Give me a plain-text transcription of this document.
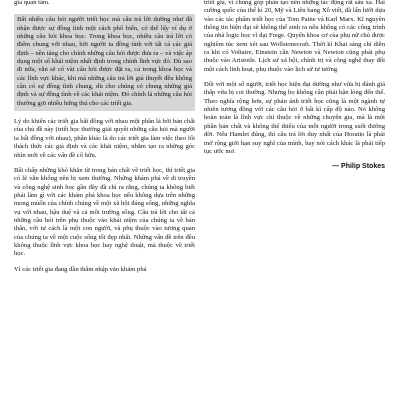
gia quan tâm.

Bất nhiều câu hỏi người triết học mà câu trả lời dường như đã nhận được sự đồng tình một cách phổ biến, có thể lấy ví dụ ở những câu hỏi khoa học. Trong khoa học, nhiều câu trả lời có điểm chung với nhau, bởi người ta đồng tình với tất cả các giả định – nền tảng cho chính những câu hỏi được đưa ra – và việc áp dụng một số khái niệm nhất định trong chính lĩnh vực đó. Dù sao đi nữa, vẫn sẽ có vài câu hỏi được đặt ra, cả trong khoa học và các lĩnh vực khác, khi mà những câu trả lời giả thuyết đều không cần có sự đồng tình chung, dù cho chúng có chung những giả định và sự đồng tình về các khái niệm. Đó chính là những câu hỏi thường gợi nhiều hứng thú cho các triết gia.

Lý do khiến các triết gia bất đồng với nhau một phần là bởi bản chất của chủ đề này (triết học thường giải quyết những câu hỏi mà người ta bất đồng với nhau), phần khác là do các triết gia làm việc theo lối thách thức các giả định và các khái niệm, nhằm tạo ra những góc nhìn mới về các vấn đề cố hữu.

Bất chấp những khó khăn từ trong bản chất về triết học, thì triết gia có lẽ vẫn không nên bị xem thường. Những khám phá về di truyền và công nghệ sinh học gần đây đã chỉ ra rằng, chúng ta không biết phải làm gì với các khám phá khoa học nếu không dựa trên những mong muốn của chính chúng về một xã hội đáng sống, những nghĩa vụ với nhau, hậu duệ và cả môi trường sống. Câu trả lời cho tất cả những câu hỏi trên phụ thuộc vào khái niệm của chúng ta về bản thân, với tư cách là một con người, và phụ thuộc vào tương quan của chúng ta về một cuộc sống tốt đẹp nhất. Những vấn đề trên đều không thuộc lĩnh vực khoa học hay nghệ thuật, mà thuộc về triết học.

Vì các triết gia đang dần thâm nhập vào khám phá

triết gia, vì chúng góp phần tạo nên những tác động rất sâu xa. Hai cường quốc của thế kỉ 20, Mỹ và Liên bang Xô viết, đã lấn lướt dựa vào các tác phẩm triết học của Tom Paine và Karl Marx. Kĩ nguyên thông tin hiện đại sẽ không thể sinh ra nếu không có các công trình của nhà logic học vĩ đại Frege. Quyển khoa cơ của phụ nữ chủ được nghiêm túc xem xét sau Wollstonecraft. Thời kì Khai sáng chỉ diễn ra khi có Voltaire, Einstein cần Newton và Newton cũng phải phụ thuộc vào Aristotle. Lịch sử xã hội, chính trị và công nghệ thay đổi một cách linh hoạt, phụ thuộc vào lịch sử tư tưởng.

Đối với một số người, triết học hiện đại dường như vừa bị đánh giá thấp vừa bị coi thường. Nhưng họ không cần phải bận lòng đến thế. Theo nghĩa rộng hơn, sự phản ánh triết học cũng là một ngành tự nhiên tương đồng với các câu hỏi ở bất kì cấp độ nào. Nó không hoàn toàn là lĩnh vực chỉ thuộc về những chuyên gia, mà là một phần bản chất và không thể thiếu của mỗi người trong suốt đường đời. Nếu Hamlet đúng, thì câu trả lời duy nhất của Horatio là phải mở rộng giới hạn suy nghĩ của mình, hay nói cách khác là phải tiếp tục ước mơ.

— Philip Stokes
